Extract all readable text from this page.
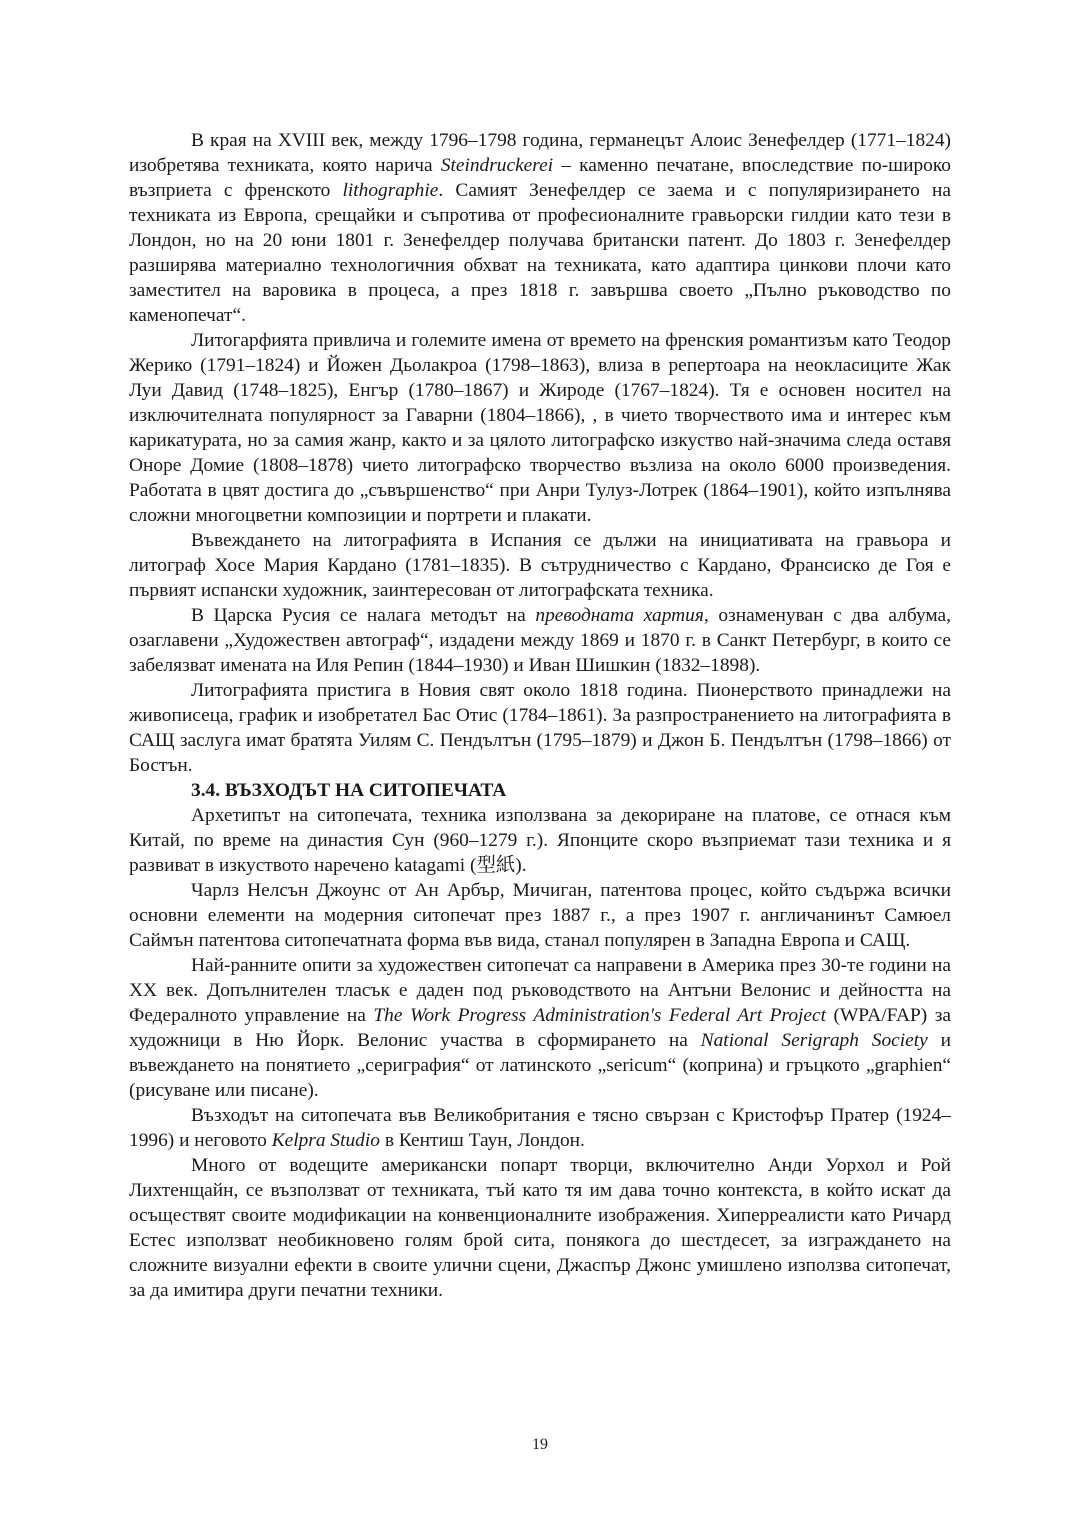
В края на XVIII век, между 1796–1798 година, германецът Алоис Зенефелдер (1771–1824) изобретява техниката, която нарича Steindruckerei – каменно печатане, впоследствие по-широко възприета с френското lithographie. Самият Зенефелдер се заема и с популяризирането на техниката из Европа, срещайки и съпротива от професионалните гравьорски гилдии като тези в Лондон, но на 20 юни 1801 г. Зенефелдер получава британски патент. До 1803 г. Зенефелдер разширява материално технологичния обхват на техниката, като адаптира цинкови плочи като заместител на варовика в процеса, а през 1818 г. завършва своето „Пълно ръководство по каменопечат“.

Литогарфията привлича и големите имена от времето на френския романтизъм като Теодор Жерико (1791–1824) и Йожен Дьолакроа (1798–1863), влиза в репертоара на неокласиците Жак Луи Давид (1748–1825), Енгър (1780–1867) и Жироде (1767–1824). Тя е основен носител на изключителната популярност за Гаварни (1804–1866), , в чието творчеството има и интерес към карикатурата, но за самия жанр, както и за цялото литографско изкуство най-значима следа оставя Оноре Домие (1808–1878) чието литографско творчество възлиза на около 6000 произведения. Работата в цвят достига до „съвършенство“ при Анри Тулуз-Лотрек (1864–1901), който изпълнява сложни многоцветни композиции и портрети и плакати.

Въвеждането на литографията в Испания се дължи на инициативата на гравьора и литограф Хосе Мария Кардано (1781–1835). В сътрудничество с Кардано, Франсиско де Гоя е първият испански художник, заинтересован от литографската техника.

В Царска Русия се налага методът на преводната хартия, ознаменуван с два албума, озаглавени „Художествен автограф“, издадени между 1869 и 1870 г. в Санкт Петербург, в които се забелязват имената на Иля Репин (1844–1930) и Иван Шишкин (1832–1898).

Литографията пристига в Новия свят около 1818 година. Пионерството принадлежи на живописеца, график и изобретател Бас Отис (1784–1861). За разпространението на литографията в САЩ заслуга имат братята Уилям С. Пендълтън (1795–1879) и Джон Б. Пендълтън (1798–1866) от Бостън.

3.4. ВЪЗХОДЪТ НА СИТОПЕЧАТА

Архетипът на ситопечата, техника използвана за декориране на платове, се отнася към Китай, по време на династия Сун (960–1279 г.). Японците скоро възприемат тази техника и я развиват в изкуството наречено katagami (型紙).

Чарлз Нелсън Джоунс от Ан Арбър, Мичиган, патентова процес, който съдържа всички основни елементи на модерния ситопечат през 1887 г., а през 1907 г. англичанинът Самюел Саймън патентова ситопечатната форма във вида, станал популярен в Западна Европа и САЩ.

Най-ранните опити за художествен ситопечат са направени в Америка през 30-те години на XX век. Допълнителен тласък е даден под ръководството на Антъни Велонис и дейността на Федералното управление на The Work Progress Administration's Federal Art Project (WPA/FAP) за художници в Ню Йорк. Велонис участва в сформирането на National Serigraph Society и въвеждането на понятието „сериграфия“ от латинското „sericum“ (коприна) и гръцкото „graphien“ (рисуване или писане).

Възходът на ситопечата във Великобритания е тясно свързан с Кристофър Пратер (1924–1996) и неговото Kelpra Studio в Кентиш Таун, Лондон.

Много от водещите американски попарт творци, включително Анди Уорхол и Рой Лихтенщайн, се възползват от техниката, тъй като тя им дава точно контекста, в който искат да осъществят своите модификации на конвенционалните изображения. Хиперреалисти като Ричард Естес използват необикновено голям брой сита, понякога до шестдесет, за изграждането на сложните визуални ефекти в своите улични сцени, Джаспър Джонс умишлено използва ситопечат, за да имитира други печатни техники.

19
